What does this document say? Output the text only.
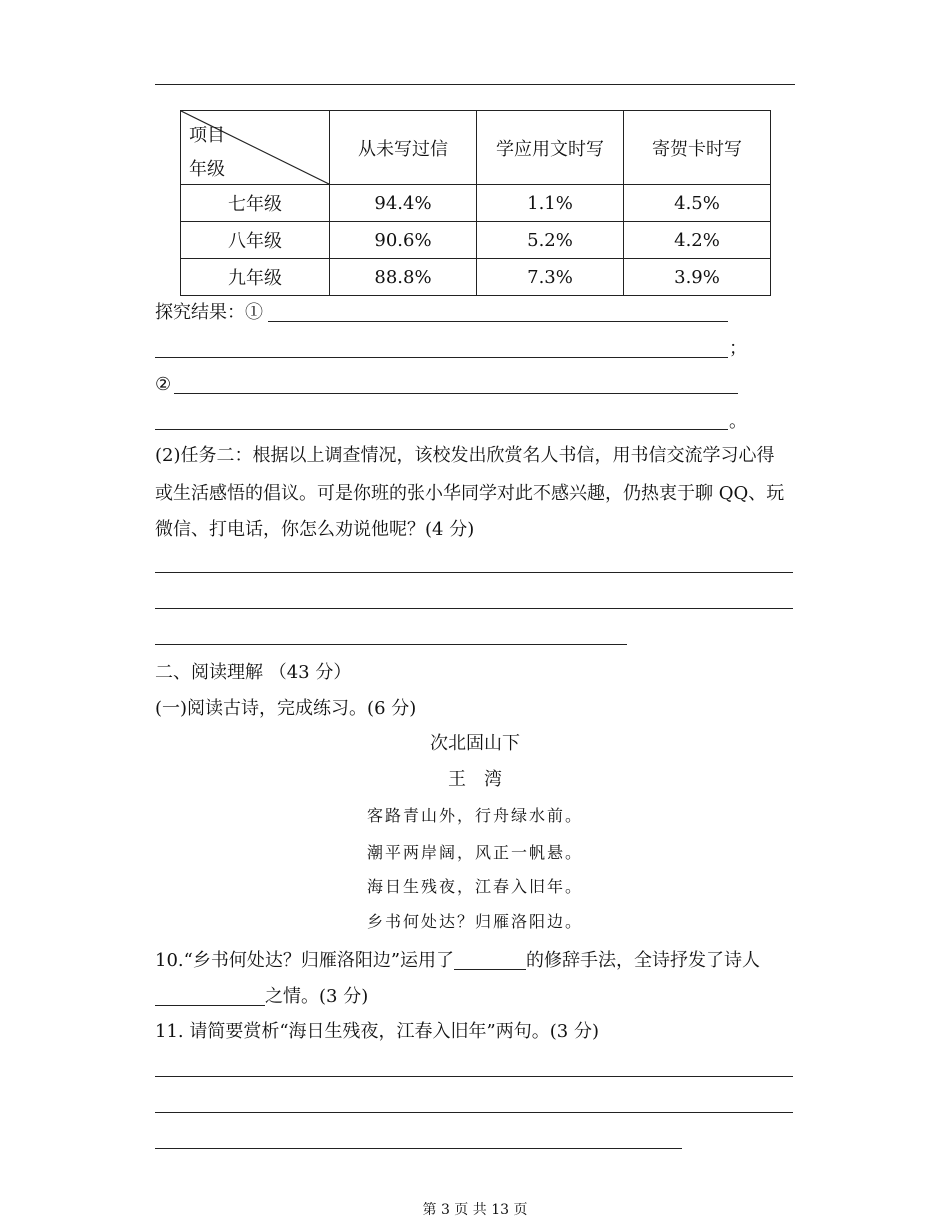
项目
年级	从未写过信	学应用文时写	寄贺卡时写
七年级	94.4%	1.1%	4.5%
八年级	90.6%	5.2%	4.2%
九年级	88.8%	7.3%	3.9%
探究结果：①
；
②
。
(2)任务二：根据以上调查情况，该校发出欣赏名人书信，用书信交流学习心得
或生活感悟的倡议。可是你班的张小华同学对此不感兴趣，仍热衷于聊 QQ、玩
微信、打电话，你怎么劝说他呢？(4 分)
二、阅读理解 （43 分）
(一)阅读古诗，完成练习。(6 分)
次北固山下
王　湾
客路青山外，行舟绿水前。
潮平两岸阔，风正一帆悬。
海日生残夜，江春入旧年。
乡书何处达？归雁洛阳边。
10.“乡书何处达？归雁洛阳边”运用了	的修辞手法，全诗抒发了诗人
之情。(3 分)
11. 请简要赏析“海日生残夜，江春入旧年”两句。(3 分)
第 3 页 共 13 页
